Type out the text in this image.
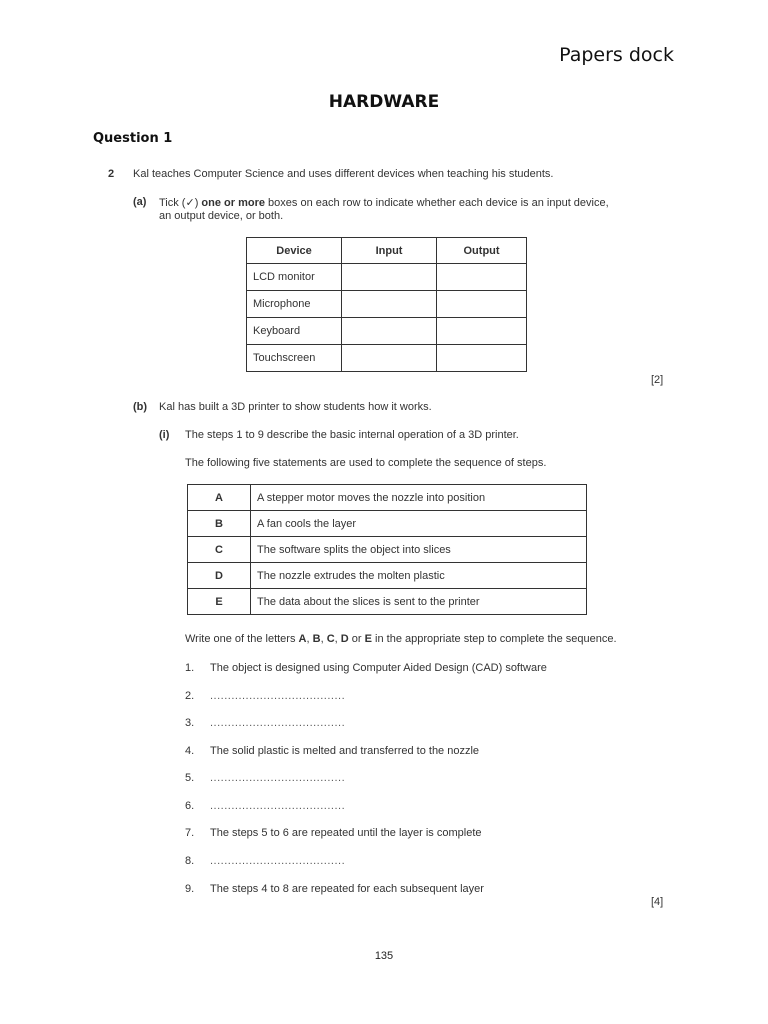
Papers dock
HARDWARE
Question 1
2 Kal teaches Computer Science and uses different devices when teaching his students.
(a) Tick (✓) one or more boxes on each row to indicate whether each device is an input device,
an output device, or both.
Device	Input	Output
LCD monitor		
Microphone		
Keyboard		
Touchscreen		
[2]
(b) Kal has built a 3D printer to show students how it works.
(i) The steps 1 to 9 describe the basic internal operation of a 3D printer.
The following five statements are used to complete the sequence of steps.
A	A stepper motor moves the nozzle into position
B	A fan cools the layer
C	The software splits the object into slices
D	The nozzle extrudes the molten plastic
E	The data about the slices is sent to the printer
Write one of the letters A, B, C, D or E in the appropriate step to complete the sequence.
1. The object is designed using Computer Aided Design (CAD) software
2. ......................................
3. ......................................
4. The solid plastic is melted and transferred to the nozzle
5. ......................................
6. ......................................
7. The steps 5 to 6 are repeated until the layer is complete
8. ......................................
9. The steps 4 to 8 are repeated for each subsequent layer
[4]
135
